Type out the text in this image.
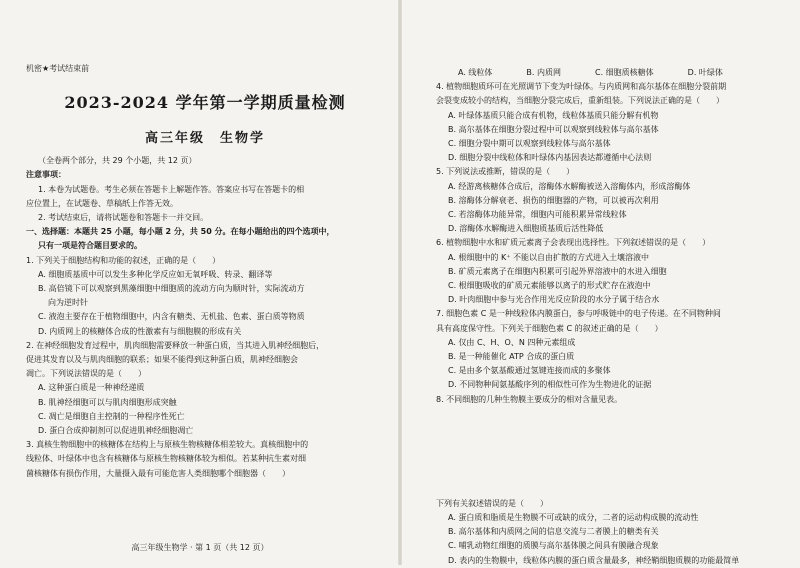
机密★考试结束前
2023-2024 学年第一学期质量检测
高三年级　生物学
（全卷两个部分，共 29 个小题，共 12 页）
注意事项：
1. 本卷为试题卷。考生必须在答题卡上解题作答。答案应书写在答题卡的相
应位置上，在试题卷、草稿纸上作答无效。
2. 考试结束后，请将试题卷和答题卡一并交回。
一、选择题：本题共 25 小题，每小题 2 分，共 50 分。在每小题给出的四个选项中，
只有一项是符合题目要求的。
1. 下列关于细胞结构和功能的叙述，正确的是（　　）
A. 细胞质基质中可以发生多种化学反应如无氧呼吸、转录、翻译等
B. 高倍镜下可以观察到黑藻细胞中细胞质的流动方向为顺时针，实际流动方
向为逆时针
C. 液泡主要存在于植物细胞中，内含有糖类、无机盐、色素、蛋白质等物质
D. 内质网上的核糖体合成的性激素有与细胞膜的形成有关
2. 在神经细胞发育过程中，肌肉细胞需要释放一种蛋白质，当其进入肌神经细胞后，
促进其发育以及与肌肉细胞的联系；如果不能得到这种蛋白质，肌神经细胞会
凋亡。下列说法错误的是（　　）
A. 这种蛋白质是一种神经递质
B. 肌神经细胞可以与肌肉细胞形成突触
C. 凋亡是细胞自主控制的一种程序性死亡
D. 蛋白合成抑制剂可以促进肌神经细胞凋亡
3. 真核生物细胞中的核糖体在结构上与原核生物核糖体相差较大。真核细胞中的
线粒体、叶绿体中也含有核糖体与原核生物核糖体较为相似。若某种抗生素对细
菌核糖体有损伤作用，大量摄入最有可能危害人类细胞哪个细胞器（　　）
高三年级生物学 · 第 1 页（共 12 页）
A. 线粒体	B. 内质网	C. 细胞质核糖体	D. 叶绿体
4. 植物细胞质环可在光照调节下变为叶绿体。与内质网和高尔基体在细胞分裂前期
会裂变成较小的结构，当细胞分裂完成后，重新组装。下列说法正确的是（　　）
A. 叶绿体基质只能合成有机物，线粒体基质只能分解有机物
B. 高尔基体在细胞分裂过程中可以观察到线粒体与高尔基体
C. 细胞分裂中期可以观察到线粒体与高尔基体
D. 细胞分裂中线粒体和叶绿体内基因表达都遵循中心法则
5. 下列说法或推断，错误的是（　　）
A. 经游离核糖体合成后，溶酶体水解酶被送入溶酶体内，形成溶酶体
B. 溶酶体分解衰老、损伤的细胞器的产物，可以被再次利用
C. 若溶酶体功能异常，细胞内可能积累异常线粒体
D. 溶酶体水解酶进入细胞质基质后活性降低
6. 植物细胞中水和矿质元素离子会表现出选择性。下列叙述错误的是（　　）
A. 根细胞中的 K⁺ 不能以自由扩散的方式进入土壤溶液中
B. 矿质元素离子在细胞内积累可引起外界溶液中的水进入细胞
C. 根细胞吸收的矿质元素能够以离子的形式贮存在液泡中
D. 叶肉细胞中参与光合作用光反应阶段的水分子属于结合水
7. 细胞色素 C 是一种线粒体内膜蛋白，参与呼吸链中的电子传递。在不同物种间
具有高度保守性。下列关于细胞色素 C 的叙述正确的是（　　）
A. 仅由 C、H、O、N 四种元素组成
B. 是一种能催化 ATP 合成的蛋白质
C. 是由多个氨基酸通过氢键连接而成的多聚体
D. 不同物种间氨基酸序列的相似性可作为生物进化的证据
8. 不同细胞的几种生物膜主要成分的相对含量见表。
下列有关叙述错误的是（　　）
A. 蛋白质和脂质是生物膜不可或缺的成分，二者的运动构成膜的流动性
B. 高尔基体和内质网之间的信息交流与二者膜上的糖类有关
C. 哺乳动物红细胞的质膜与高尔基体膜之间具有膜融合现象
D. 表内的生物膜中，线粒体内膜的蛋白质含量最多，神经鞘细胞质膜的功能最简单
